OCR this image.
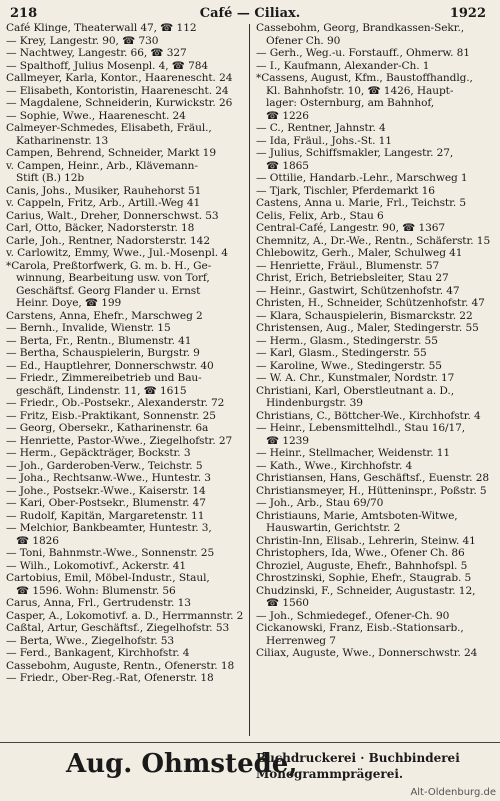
218	Café — Ciliax.	1922
Café Klinge, Theaterwall 47, ☎ 112
— Krey, Langestr. 90, ☎ 730
— Nachtwey, Langestr. 66, ☎ 327
— Spalthoff, Julius Mosenpl. 4, ☎ 784
Callmeyer, Karla, Kontor., Haarenescht. 24
— Elisabeth, Kontoristin, Haarenescht. 24
— Magdalene, Schneiderin, Kurwickstr. 26
— Sophie, Wwe., Haarenescht. 24
Calmeyer-Schmedes, Elisabeth, Fräul.,
Katharinenstr. 13
Campen, Behrend, Schneider, Markt 19
v. Campen, Heinr., Arb., Klävemann-
Stift (B.) 12b
Canis, Johs., Musiker, Rauhehorst 51
v. Cappeln, Fritz, Arb., Artill.-Weg 41
Carius, Walt., Dreher, Donnerschwst. 53
Carl, Otto, Bäcker, Nadorsterstr. 18
Carle, Joh., Rentner, Nadorsterstr. 142
v. Carlowitz, Emmy, Wwe., Jul.-Mosenpl. 4
*Carola, Preßtorfwerk, G. m. b. H., Ge-
winnung, Bearbeitung usw. von Torf,
Geschäftsf. Georg Flander u. Ernst
Heinr. Doye, ☎ 199
Carstens, Anna, Ehefr., Marschweg 2
— Bernh., Invalide, Wienstr. 15
— Berta, Fr., Rentn., Blumenstr. 41
— Bertha, Schauspielerin, Burgstr. 9
— Ed., Hauptlehrer, Donnerschwstr. 40
— Friedr., Zimmereibetrieb und Bau-
geschäft, Lindenstr. 11, ☎ 1615
— Friedr., Ob.-Postsekr., Alexanderstr. 72
— Fritz, Eisb.-Praktikant, Sonnenstr. 25
— Georg, Obersekr., Katharinenstr. 6a
— Henriette, Pastor-Wwe., Ziegelhofstr. 27
— Herm., Gepäckträger, Bockstr. 3
— Joh., Garderoben-Verw., Teichstr. 5
— Joha., Rechtsanw.-Wwe., Huntestr. 3
— Johe., Postsekr.-Wwe., Kaiserstr. 14
— Kari, Ober-Postsekr., Blumenstr. 47
— Rudolf, Kapitän, Margaretenstr. 11
— Melchior, Bankbeamter, Huntestr. 3,
☎ 1826
— Toni, Bahnmstr.-Wwe., Sonnenstr. 25
— Wilh., Lokomotivf., Ackerstr. 41
Cartobius, Emil, Möbel-Industr., Staul,
☎ 1596. Wohn: Blumenstr. 56
Carus, Anna, Frl., Gertrudenstr. 13
Casper, A., Lokomotivf. a. D., Herrmannstr. 2
Caßtal, Artur, Geschäftsf., Ziegelhofstr. 53
— Berta, Wwe., Ziegelhofstr. 53
— Ferd., Bankagent, Kirchhofstr. 4
Cassebohm, Auguste, Rentn., Ofenerstr. 18
— Friedr., Ober-Reg.-Rat, Ofenerstr. 18
Cassebohm, Georg, Brandkassen-Sekr.,
Ofener Ch. 90
— Gerh., Weg.-u. Forstauff., Ohmerw. 81
— I., Kaufmann, Alexander-Ch. 1
*Cassens, August, Kfm., Baustoffhandlg.,
Kl. Bahnhofstr. 10, ☎ 1426, Haupt-
lager: Osternburg, am Bahnhof,
☎ 1226
— C., Rentner, Jahnstr. 4
— Ida, Fräul., Johs.-St. 11
— Julius, Schiffsmakler, Langestr. 27,
☎ 1865
— Ottilie, Handarb.-Lehr., Marschweg 1
— Tjark, Tischler, Pferdemarkt 16
Castens, Anna u. Marie, Frl., Teichstr. 5
Celis, Felix, Arb., Stau 6
Central-Café, Langestr. 90, ☎ 1367
Chemnitz, A., Dr.-We., Rentn., Schäferstr. 15
Chlebowitz, Gerh., Maler, Schulweg 41
— Henriette, Fräul., Blumenstr. 57
Christ, Erich, Betriebsleiter, Stau 27
— Heinr., Gastwirt, Schützenhofstr. 47
Christen, H., Schneider, Schützenhofstr. 47
— Klara, Schauspielerin, Bismarckstr. 22
Christensen, Aug., Maler, Stedingerstr. 55
— Herm., Glasm., Stedingerstr. 55
— Karl, Glasm., Stedingerstr. 55
— Karoline, Wwe., Stedingerstr. 55
— W. A. Chr., Kunstmaler, Nordstr. 17
Christiani, Karl, Oberstleutnant a. D.,
Hindenburgstr. 39
Christians, C., Böttcher-We., Kirchhofstr. 4
— Heinr., Lebensmittelhdl., Stau 16/17,
☎ 1239
— Heinr., Stellmacher, Weidenstr. 11
— Kath., Wwe., Kirchhofstr. 4
Christiansen, Hans, Geschäftsf., Euenstr. 28
Christiansmeyer, H., Hütteninspr., Poßstr. 5
— Joh., Arb., Stau 69/70
Christiauns, Marie, Amtsboten-Witwe,
Hauswartin, Gerichtstr. 2
Christin-Inn, Elisab., Lehrerin, Steinw. 41
Christophers, Ida, Wwe., Ofener Ch. 86
Chroziel, Auguste, Ehefr., Bahnhofspl. 5
Chrostzinski, Sophie, Ehefr., Staugrab. 5
Chudzinski, F., Schneider, Augustastr. 12,
☎ 1560
— Joh., Schmiedegef., Ofener-Ch. 90
Cickanowski, Franz, Eisb.-Stationsarb.,
Herrenweg 7
Ciliax, Auguste, Wwe., Donnerschwstr. 24
Aug. Ohmstede,
Buchdruckerei · Buchbinderei
Monogrammprägerei.
Alt-Oldenburg.de
